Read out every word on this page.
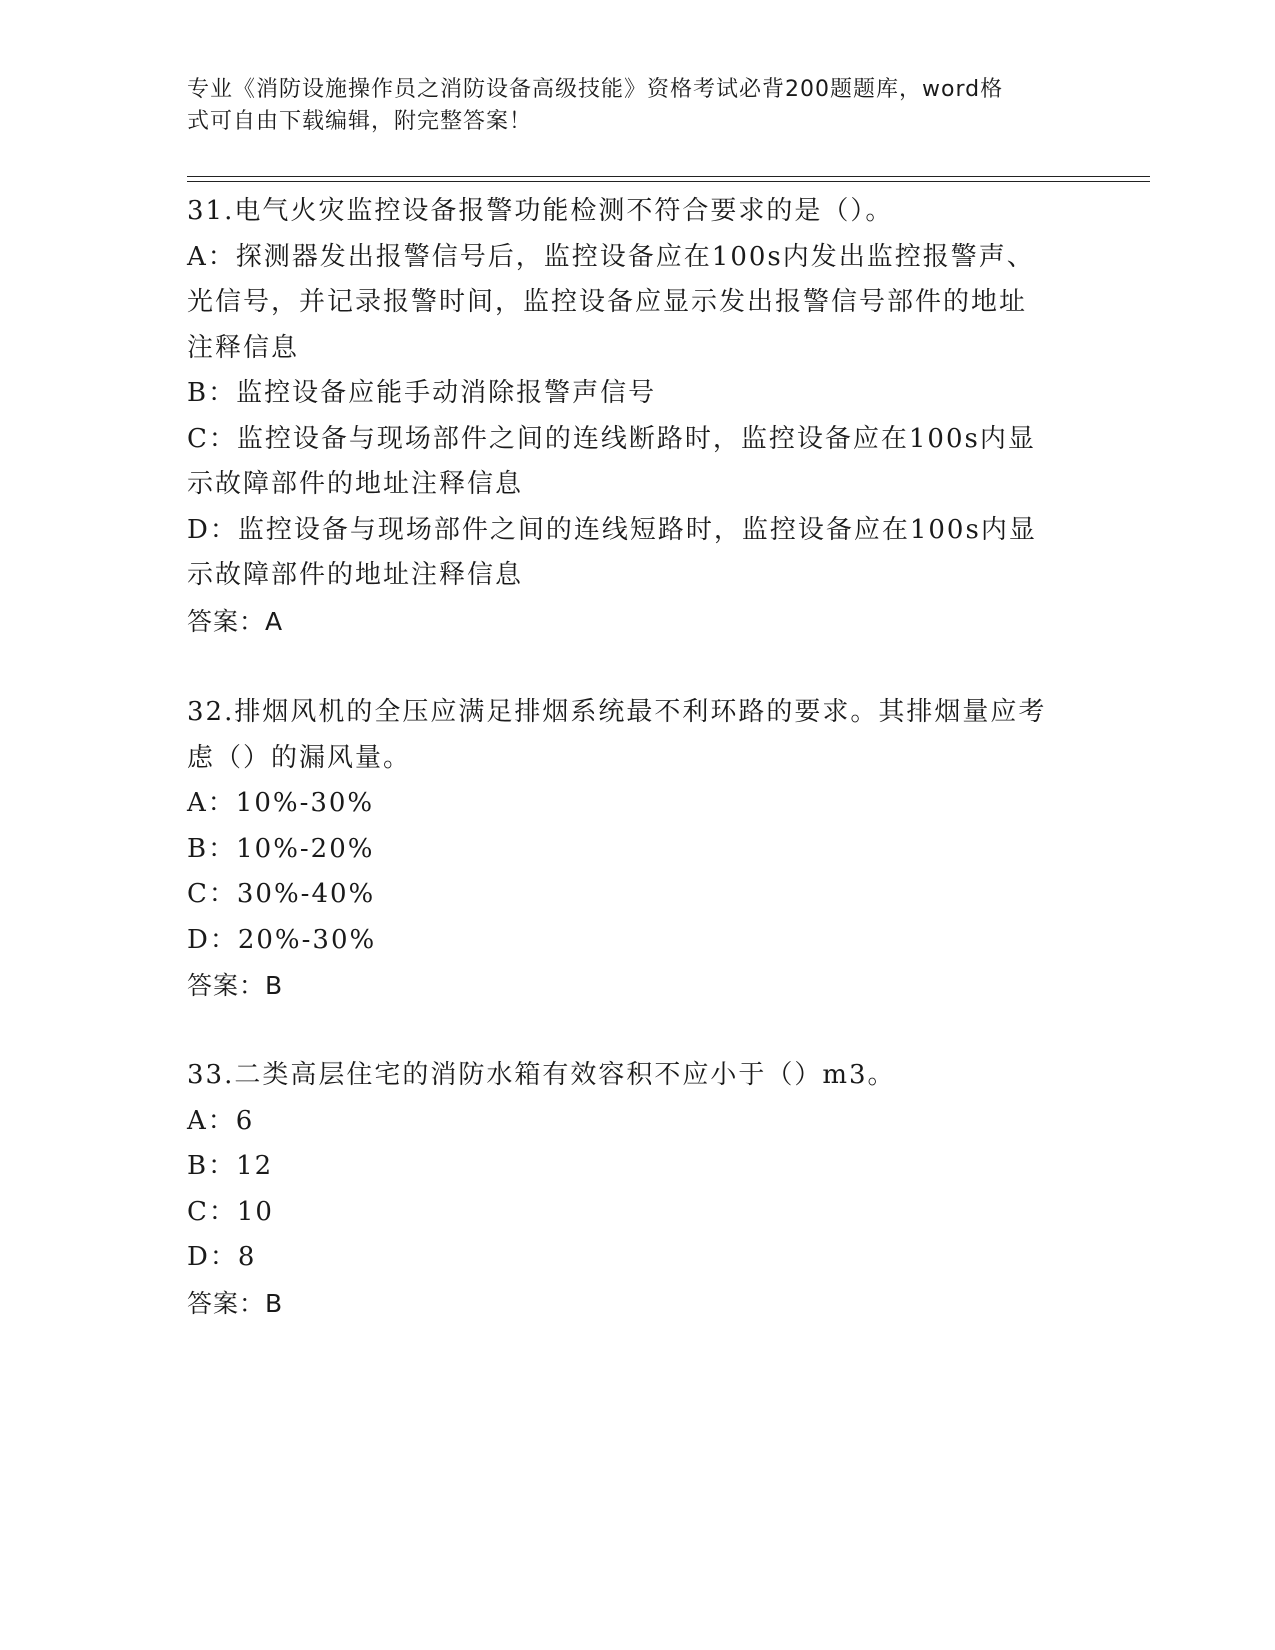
专业《消防设施操作员之消防设备高级技能》资格考试必背200题题库，word格
式可自由下载编辑，附完整答案！
31.电气火灾监控设备报警功能检测不符合要求的是（）。
A：探测器发出报警信号后，监控设备应在100s内发出监控报警声、
光信号，并记录报警时间，监控设备应显示发出报警信号部件的地址
注释信息
B：监控设备应能手动消除报警声信号
C：监控设备与现场部件之间的连线断路时，监控设备应在100s内显
示故障部件的地址注释信息
D：监控设备与现场部件之间的连线短路时，监控设备应在100s内显
示故障部件的地址注释信息
答案：A
32.排烟风机的全压应满足排烟系统最不利环路的要求。其排烟量应考
虑（）的漏风量。
A：10%-30%
B：10%-20%
C：30%-40%
D：20%-30%
答案：B
33.二类高层住宅的消防水箱有效容积不应小于（）m3。
A：6
B：12
C：10
D：8
答案：B
